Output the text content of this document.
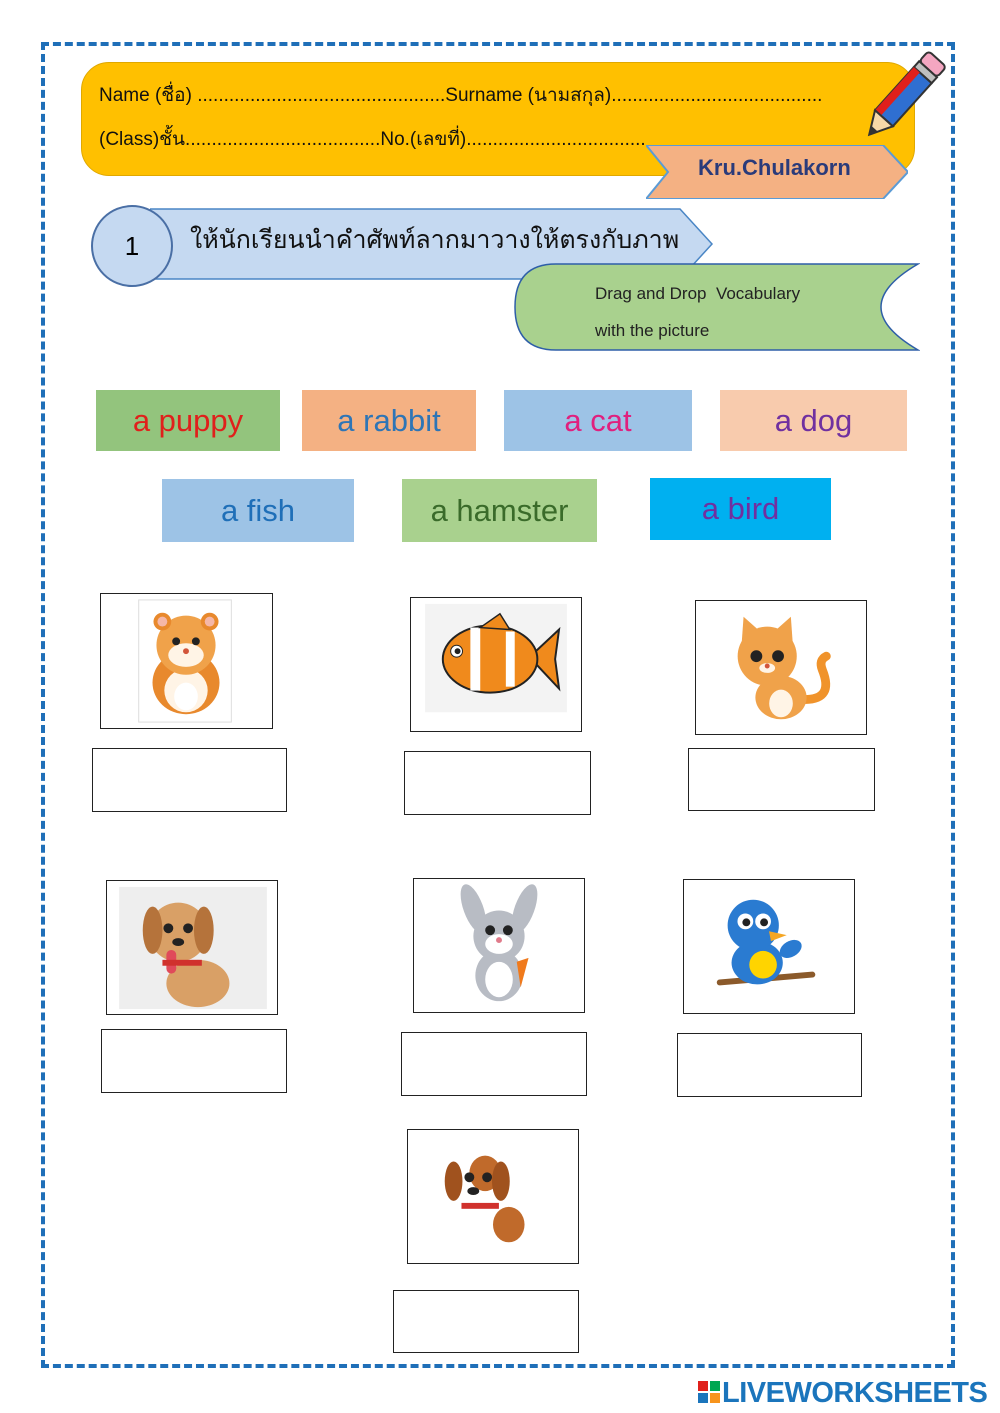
Name (ชื่อ) ...............................................Surname (นามสกุล)........................................
(Class)ชั้น.....................................No.(เลขที่)..................................
Kru.Chulakorn
1	ให้นักเรียนนำคำศัพท์ลากมาวางให้ตรงกับภาพ
Drag and Drop  Vocabulary
with the picture
a puppy	a rabbit	a cat	a dog
a fish	a hamster	a bird
LIVEWORKSHEETS
